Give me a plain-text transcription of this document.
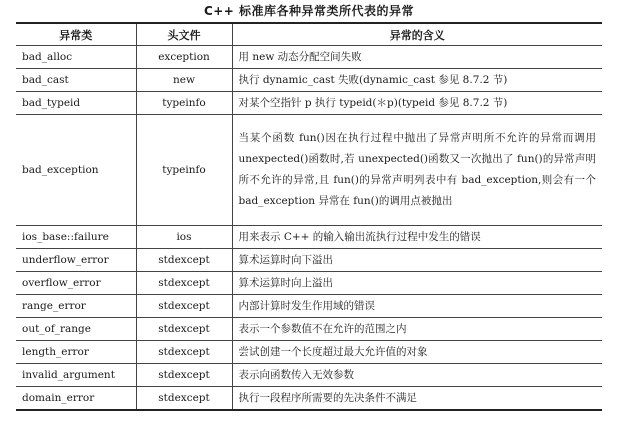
C++ 标准库各种异常类所代表的异常
异常类	头文件	异常的含义
bad_alloc	exception	用 new 动态分配空间失败
bad_cast	new	执行 dynamic_cast 失败(dynamic_cast 参见 8.7.2 节)
bad_typeid	typeinfo	对某个空指针 p 执行 typeid(＊p)(typeid 参见 8.7.2 节)
bad_exception	typeinfo	当某个函数 fun()因在执行过程中抛出了异常声明所不允许的异常而调用 unexpected()函数时,若 unexpected()函数又一次抛出了 fun()的异常声明所不允许的异常,且 fun()的异常声明列表中有 bad_exception,则会有一个 bad_exception 异常在 fun()的调用点被抛出
ios_base::failure	ios	用来表示 C++ 的输入输出流执行过程中发生的错误
underflow_error	stdexcept	算术运算时向下溢出
overflow_error	stdexcept	算术运算时向上溢出
range_error	stdexcept	内部计算时发生作用域的错误
out_of_range	stdexcept	表示一个参数值不在允许的范围之内
length_error	stdexcept	尝试创建一个长度超过最大允许值的对象
invalid_argument	stdexcept	表示向函数传入无效参数
domain_error	stdexcept	执行一段程序所需要的先决条件不满足
